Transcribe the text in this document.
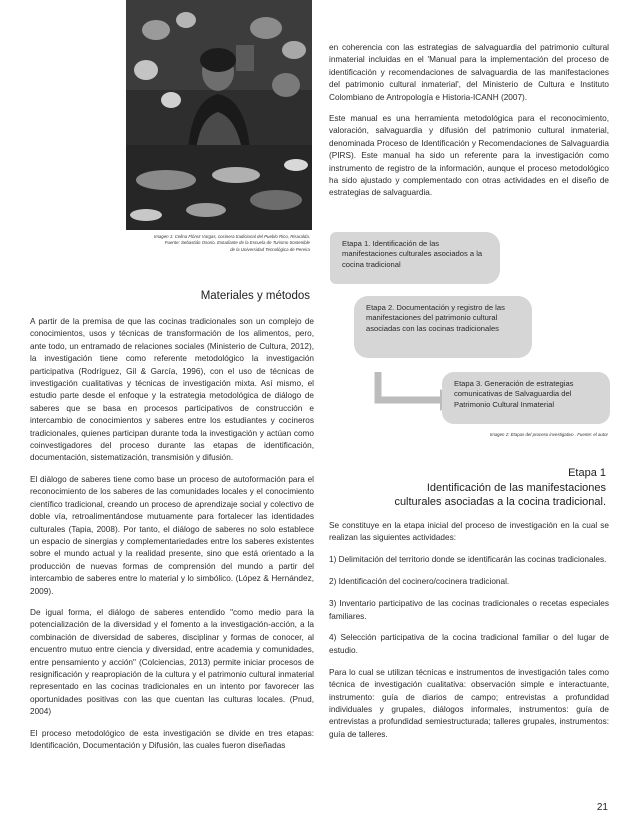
Imagen 1: Celina Flórez Vargas, cocinera tradicional del Pueblo Rico, Risaralda.

Fuente: Sebastián Osorio. Estudiante de la Escuela de Turismo Sostenible

de la Universidad Tecnológica de Pereira

Materiales y métodos

A partir de la premisa de que las cocinas tradicionales son un complejo de conocimientos, usos y técnicas de transformación de los alimentos, pero, ante todo, un entramado de relaciones sociales (Ministerio de Cultura, 2012), la investigación tiene como referente metodológico la investigación participativa (Rodríguez, Gil & García, 1996), con el uso de técnicas de investigación cualitativas y técnicas de investigación mixta. Así mismo, el estudio parte desde el enfoque y la estrategia metodológica de diálogo de saberes que se basa en procesos participativos de construcción e intercambio de conocimientos y saberes entre los estudiantes y cocineros tradicionales, quienes participan durante toda la investigación y actúan como coinvestigadores del proceso durante las etapas de identificación, documentación, sistematización, transmisión y difusión.

El diálogo de saberes tiene como base un proceso de autoformación para el reconocimiento de los saberes de las comunidades locales y el conocimiento científico tradicional, creando un proceso de aprendizaje social y colectivo de doble vía, retroalimentándose mutuamente para fortalecer las identidades culturales (Tapia, 2008). Por tanto, el diálogo de saberes no solo establece un espacio de sinergias y complementariedades entre los saberes existentes sobre el mundo actual y la realidad presente, sino que está orientado a la producción de nuevas formas de comprensión del mundo a partir del intercambio de saberes entre lo material y lo simbólico. (López & Hernández, 2009).

De igual forma, el diálogo de saberes entendido "como medio para la potencialización de la diversidad y el fomento a la investigación-acción, a la combinación de diversidad de saberes, disciplinar y formas de conocer, al encuentro mutuo entre ciencia y diversidad, entre academia y comunidades, entre pensamiento y acción" (Colciencias, 2013) permite iniciar procesos de resignificación y reapropiación de la cultura y el patrimonio cultural inmaterial representado en las cocinas tradicionales en un intento por favorecer las oportunidades positivas con las que cuentan las culturas locales. (Pnud, 2004)

El proceso metodológico de esta investigación se divide en tres etapas: Identificación, Documentación y Difusión, las cuales fueron diseñadas

en coherencia con las estrategias de salvaguardia del patrimonio cultural inmaterial incluidas en el 'Manual para la implementación del proceso de identificación y recomendaciones de salvaguardia de las manifestaciones del patrimonio cultural inmaterial', del Ministerio de Cultura e Instituto Colombiano de Antropología e Historia-ICANH (2007).

Este manual es una herramienta metodológica para el reconocimiento, valoración, salvaguardia y difusión del patrimonio cultural inmaterial, denominada Proceso de Identificación y Recomendaciones de Salvaguardia (PIRS). Este manual ha sido un referente para la investigación como instrumento de registro de la información, aunque el proceso metodológico ha sido ajustado y complementado con otras actividades en el diseño de estrategias de salvaguardia.

Etapa 1. Identificación de las manifestaciones culturales asociados a la cocina tradicional
Etapa 2. Documentación y registro de las manifestaciones del patrimonio cultural asociadas con las cocinas tradicionales
Etapa 3. Generación de estrategias comunicativas de Salvaguardia del Patrimonio Cultural Inmaterial
Imagen 2: Etapas del proceso investigativo . Fuente: el autor
Etapa 1
Identificación de las manifestaciones
culturales asociadas a la cocina tradicional.

Se constituye en la etapa inicial del proceso de investigación en la cual se realizan las siguientes actividades:

1) Delimitación del territorio donde se identificarán las cocinas tradicionales.

2) Identificación del cocinero/cocinera tradicional.

3) Inventario participativo de las cocinas tradicionales o recetas especiales familiares.

4) Selección participativa de la cocina tradicional familiar o del lugar de estudio.

Para lo cual se utilizan técnicas e instrumentos de investigación tales como técnica de investigación cualitativa: observación simple e interactuante, instrumento: guía de diarios de campo; entrevistas a profundidad individuales y grupales, diálogos informales, instrumentos: guía de entrevistas a profundidad semiestructurada; talleres grupales, instrumentos: guía de talleres.

21
